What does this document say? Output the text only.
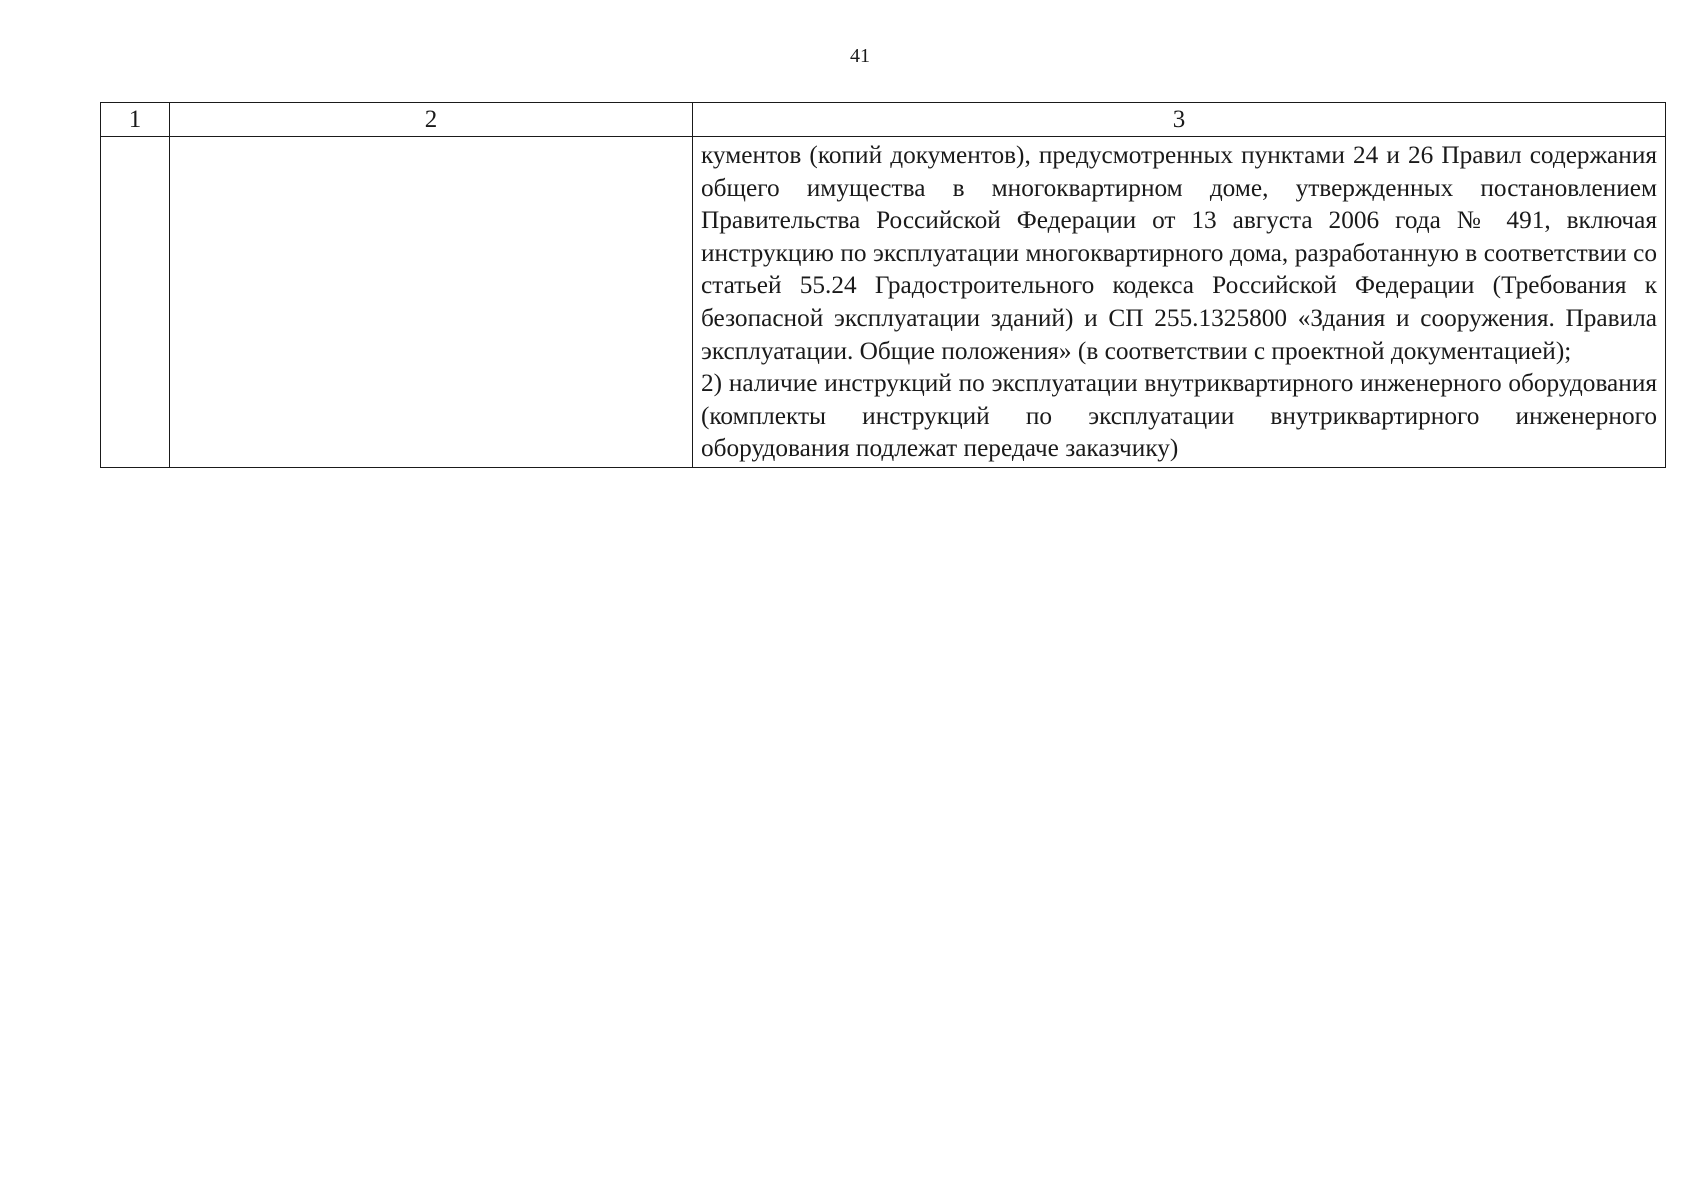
41
1	2	3

		кументов (копий документов), предусмотренных пунктами 24 и 26 Правил содержания общего имущества в многоквартирном доме, утвержденных постановлением Правительства Российской Федерации от 13 августа 2006 года № 491, включая инструкцию по эксплуатации многоквартирного дома, разработанную в соответствии со статьей 55.24 Градостроительного кодекса Российской Федерации (Требования к безопасной эксплуатации зданий) и СП 255.1325800 «Здания и сооружения. Правила эксплуатации. Общие положения» (в соответствии с проектной документацией);

2) наличие инструкций по эксплуатации внутриквартирного инженерного оборудования (комплекты инструкций по эксплуатации внутриквартирного инженерного оборудования подлежат передаче заказчику)
